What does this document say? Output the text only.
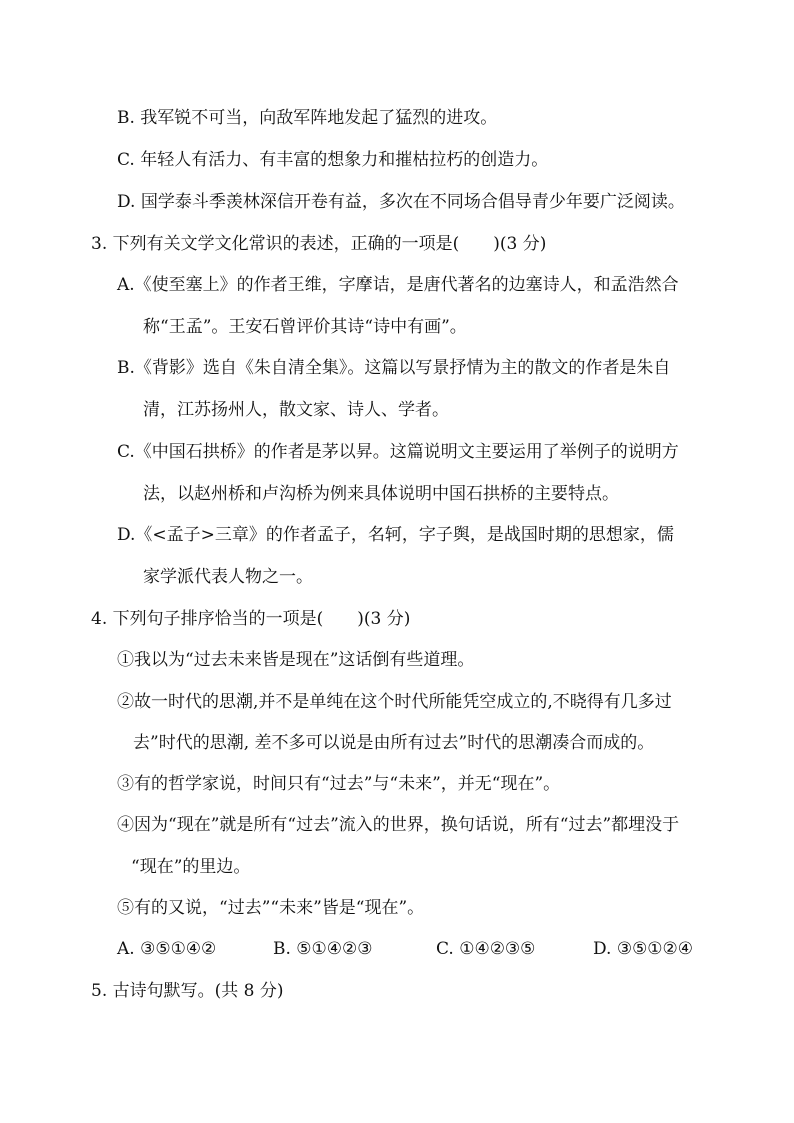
B. 我军锐不可当，向敌军阵地发起了猛烈的进攻。
C. 年轻人有活力、有丰富的想象力和摧枯拉朽的创造力。
D. 国学泰斗季羡林深信开卷有益，多次在不同场合倡导青少年要广泛阅读。
3. 下列有关文学文化常识的表述，正确的一项是(　　)(3 分)
A.《使至塞上》的作者王维，字摩诘，是唐代著名的边塞诗人，和孟浩然合
称“王孟”。王安石曾评价其诗“诗中有画”。
B.《背影》选自《朱自清全集》。这篇以写景抒情为主的散文的作者是朱自
清，江苏扬州人，散文家、诗人、学者。
C.《中国石拱桥》的作者是茅以昇。这篇说明文主要运用了举例子的说明方
法，以赵州桥和卢沟桥为例来具体说明中国石拱桥的主要特点。
D.《<孟子>三章》的作者孟子，名轲，字子舆，是战国时期的思想家，儒
家学派代表人物之一。
4. 下列句子排序恰当的一项是(　　)(3 分)
①我以为“过去未来皆是现在”这话倒有些道理。
②故一时代的思潮,并不是单纯在这个时代所能凭空成立的,不晓得有几多过
去”时代的思潮, 差不多可以说是由所有过去”时代的思潮凑合而成的。
③有的哲学家说，时间只有“过去”与“未来”，并无“现在”。
④因为“现在”就是所有“过去”流入的世界，换句话说，所有“过去”都埋没于
“现在”的里边。
⑤有的又说，“过去”“未来”皆是“现在”。
A. ③⑤①④②	B. ⑤①④②③	C. ①④②③⑤	D. ③⑤①②④
5. 古诗句默写。(共 8 分)
